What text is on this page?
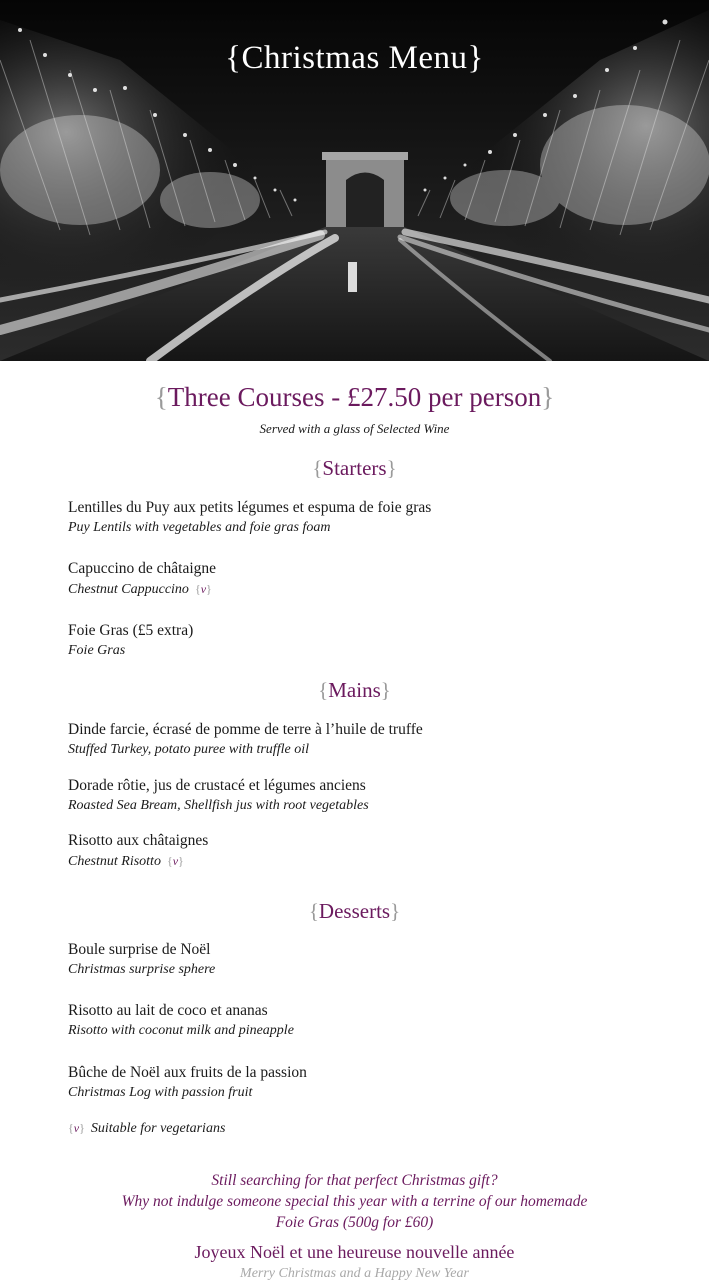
{Christmas Menu}
{Three Courses - £27.50 per person}
Served with a glass of Selected Wine
{Starters}
Lentilles du Puy aux petits légumes et espuma de foie gras
Puy Lentils with vegetables and foie gras foam
Capuccino de châtaigne
Chestnut Cappuccino {v}
Foie Gras (£5 extra)
Foie Gras
{Mains}
Dinde farcie, écrasé de pomme de terre à l’huile de truffe
Stuffed Turkey, potato puree with truffle oil
Dorade rôtie, jus de crustacé et légumes anciens
Roasted Sea Bream, Shellfish jus with root vegetables
Risotto aux châtaignes
Chestnut Risotto {v}
{Desserts}
Boule surprise de Noël
Christmas surprise sphere
Risotto au lait de coco et ananas
Risotto with coconut milk and pineapple
Bûche de Noël aux fruits de la passion
Christmas Log with passion fruit
{v} Suitable for vegetarians
Still searching for that perfect Christmas gift?
Why not indulge someone special this year with a terrine of our homemade
Foie Gras (500g for £60)
Joyeux Noël et une heureuse nouvelle année
Merry Christmas and a Happy New Year
